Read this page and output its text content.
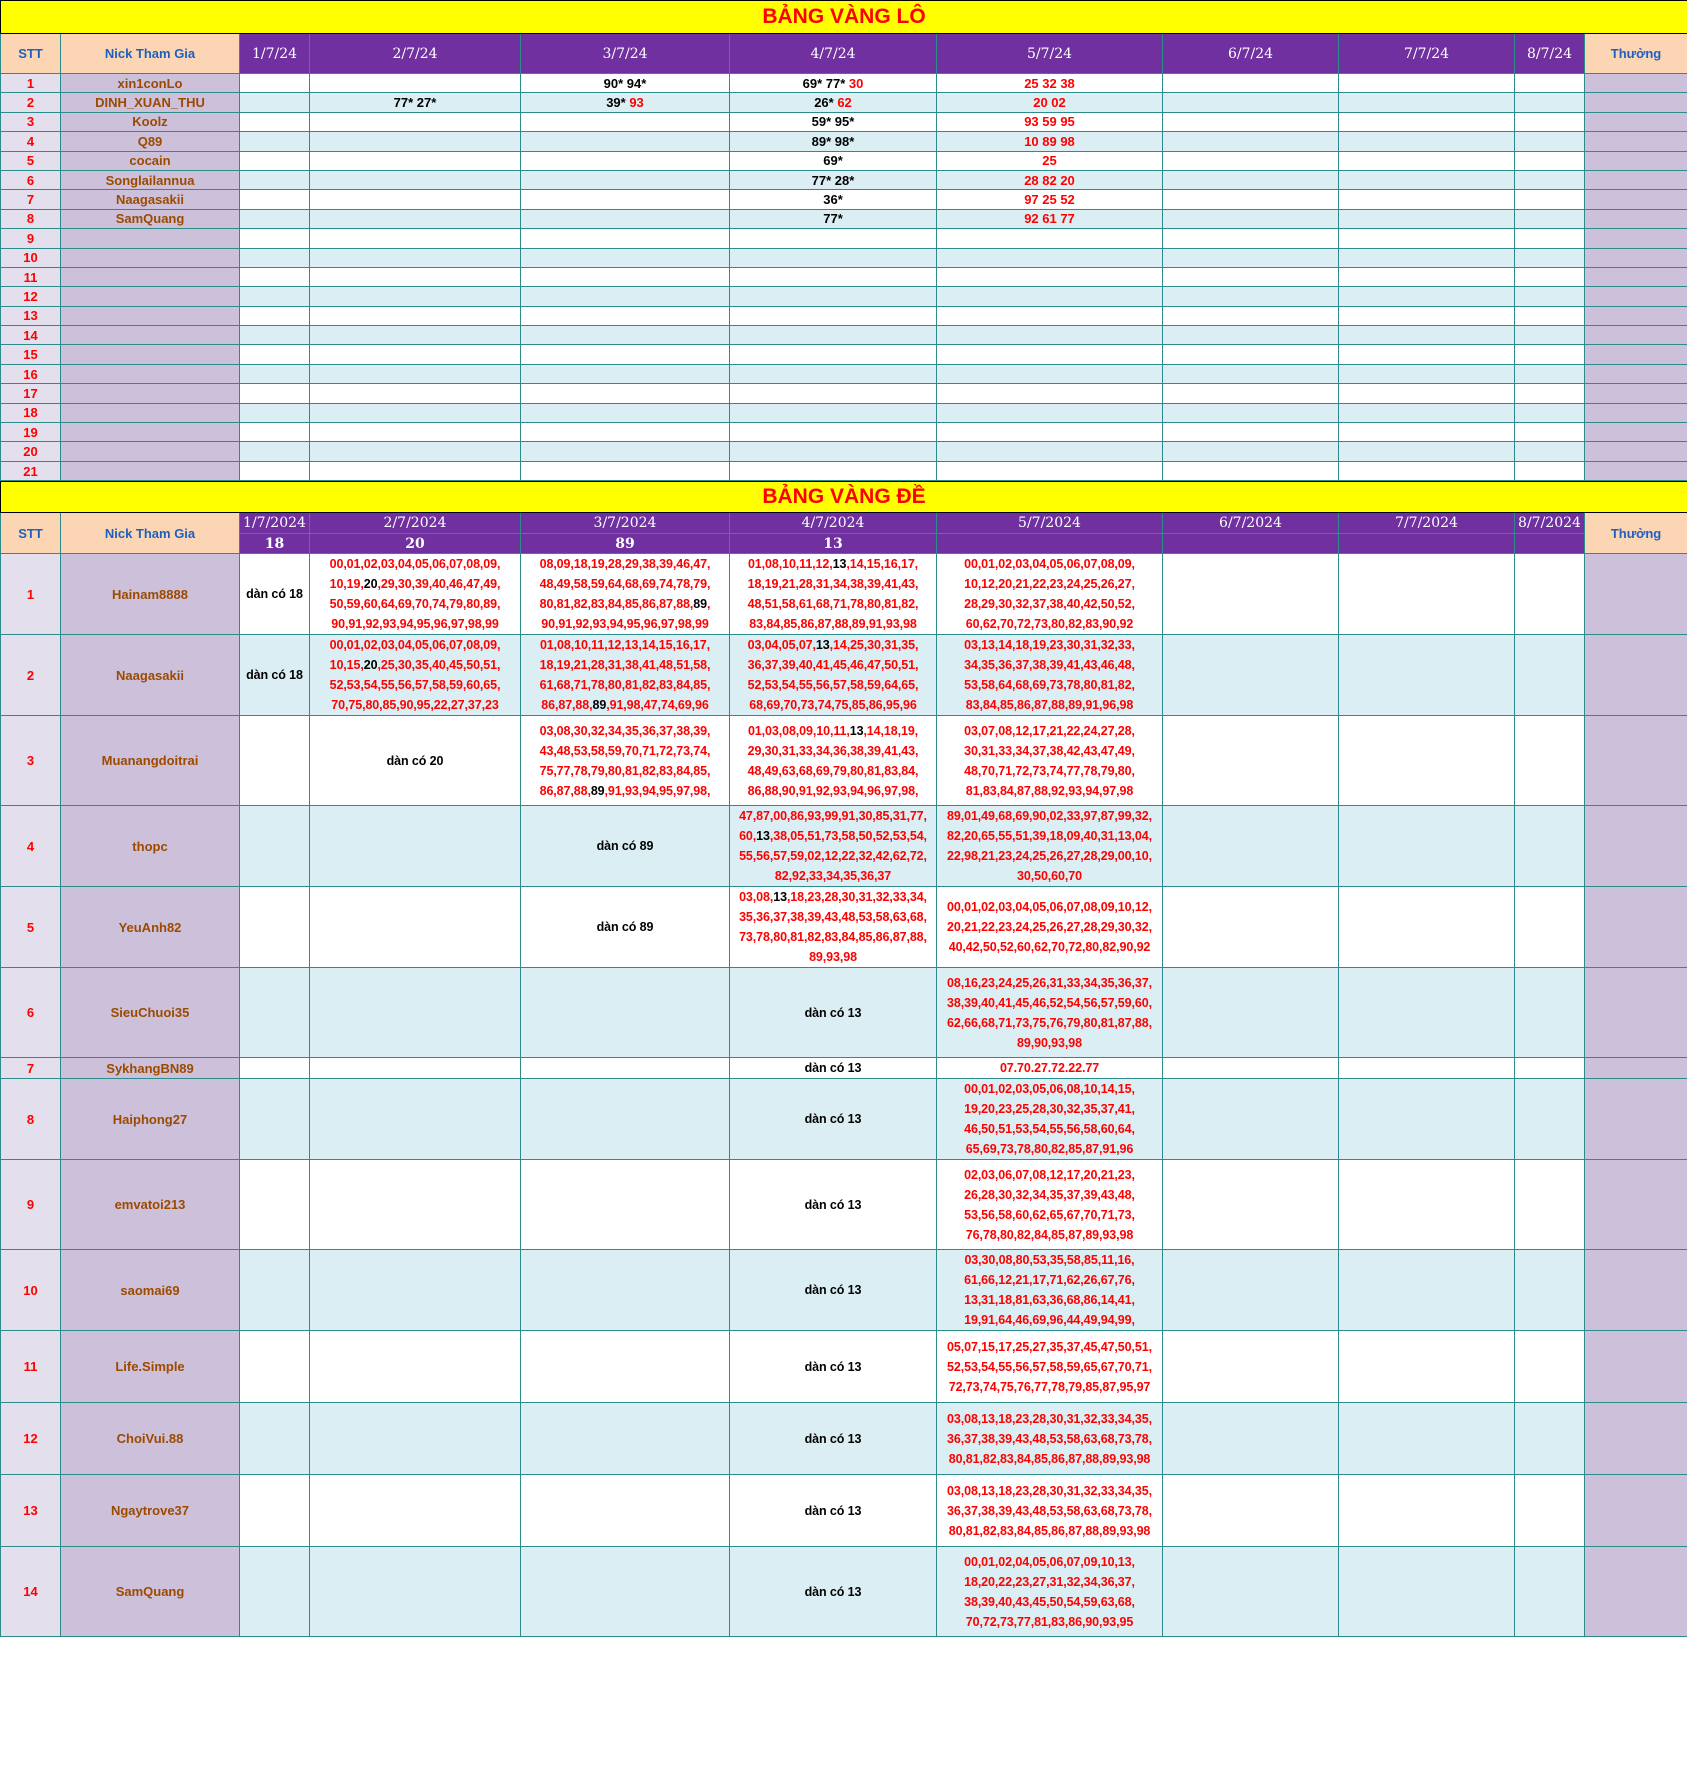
BẢNG VÀNG LÔ										
STT	Nick Tham Gia	1/7/24	2/7/24	3/7/24	4/7/24	5/7/24	6/7/24	7/7/24	8/7/24	Thưởng
1	xin1conLo			90* 94*	69* 77* 30	25 32 38				
2	DINH_XUAN_THU		77* 27*	39* 93	26* 62	20 02				
3	Koolz				59* 95*	93 59 95				
4	Q89				89* 98*	10 89 98				
5	cocain				69*	25				
6	Songlailannua				77* 28*	28 82 20				
7	Naagasakii				36*	97 25 52				
8	SamQuang				77*	92 61 77				
9										
10										
11										
12										
13										
14										
15										
16										
17										
18										
19										
20										
21										
BẢNG VÀNG ĐỀ										
STT	Nick Tham Gia	1/7/2024	2/7/2024	3/7/2024	4/7/2024	5/7/2024	6/7/2024	7/7/2024	8/7/2024	Thưởng
		18	20	89	13					
1	Hainam8888	dàn có 18	00,01,02,03,04,05,06,07,08,09, 10,19,20,29,30,39,40,46,47,49, 50,59,60,64,69,70,74,79,80,89, 90,91,92,93,94,95,96,97,98,99	08,09,18,19,28,29,38,39,46,47, 48,49,58,59,64,68,69,74,78,79, 80,81,82,83,84,85,86,87,88,89, 90,91,92,93,94,95,96,97,98,99	01,08,10,11,12,13,14,15,16,17, 18,19,21,28,31,34,38,39,41,43, 48,51,58,61,68,71,78,80,81,82, 83,84,85,86,87,88,89,91,93,98	00,01,02,03,04,05,06,07,08,09, 10,12,20,21,22,23,24,25,26,27, 28,29,30,32,37,38,40,42,50,52, 60,62,70,72,73,80,82,83,90,92				
2	Naagasakii	dàn có 18	00,01,02,03,04,05,06,07,08,09, 10,15,20,25,30,35,40,45,50,51, 52,53,54,55,56,57,58,59,60,65, 70,75,80,85,90,95,22,27,37,23	01,08,10,11,12,13,14,15,16,17, 18,19,21,28,31,38,41,48,51,58, 61,68,71,78,80,81,82,83,84,85, 86,87,88,89,91,98,47,74,69,96	03,04,05,07,13,14,25,30,31,35, 36,37,39,40,41,45,46,47,50,51, 52,53,54,55,56,57,58,59,64,65, 68,69,70,73,74,75,85,86,95,96	03,13,14,18,19,23,30,31,32,33, 34,35,36,37,38,39,41,43,46,48, 53,58,64,68,69,73,78,80,81,82, 83,84,85,86,87,88,89,91,96,98				
3	Muanangdoitrai		dàn có 20	03,08,30,32,34,35,36,37,38,39, 43,48,53,58,59,70,71,72,73,74, 75,77,78,79,80,81,82,83,84,85, 86,87,88,89,91,93,94,95,97,98,	01,03,08,09,10,11,13,14,18,19, 29,30,31,33,34,36,38,39,41,43, 48,49,63,68,69,79,80,81,83,84, 86,88,90,91,92,93,94,96,97,98,	03,07,08,12,17,21,22,24,27,28, 30,31,33,34,37,38,42,43,47,49, 48,70,71,72,73,74,77,78,79,80, 81,83,84,87,88,92,93,94,97,98				
4	thopc			dàn có 89	47,87,00,86,93,99,91,30,85,31,77, 60,13,38,05,51,73,58,50,52,53,54, 55,56,57,59,02,12,22,32,42,62,72, 82,92,33,34,35,36,37	89,01,49,68,69,90,02,33,97,87,99,32, 82,20,65,55,51,39,18,09,40,31,13,04, 22,98,21,23,24,25,26,27,28,29,00,10, 30,50,60,70				
5	YeuAnh82			dàn có 89	03,08,13,18,23,28,30,31,32,33,34, 35,36,37,38,39,43,48,53,58,63,68, 73,78,80,81,82,83,84,85,86,87,88, 89,93,98	00,01,02,03,04,05,06,07,08,09,10,12, 20,21,22,23,24,25,26,27,28,29,30,32, 40,42,50,52,60,62,70,72,80,82,90,92				
6	SieuChuoi35				dàn có 13	08,16,23,24,25,26,31,33,34,35,36,37, 38,39,40,41,45,46,52,54,56,57,59,60, 62,66,68,71,73,75,76,79,80,81,87,88, 89,90,93,98				
7	SykhangBN89				dàn có 13	07.70.27.72.22.77				
8	Haiphong27				dàn có 13	00,01,02,03,05,06,08,10,14,15, 19,20,23,25,28,30,32,35,37,41, 46,50,51,53,54,55,56,58,60,64, 65,69,73,78,80,82,85,87,91,96				
9	emvatoi213				dàn có 13	02,03,06,07,08,12,17,20,21,23, 26,28,30,32,34,35,37,39,43,48, 53,56,58,60,62,65,67,70,71,73, 76,78,80,82,84,85,87,89,93,98				
10	saomai69				dàn có 13	03,30,08,80,53,35,58,85,11,16, 61,66,12,21,17,71,62,26,67,76, 13,31,18,81,63,36,68,86,14,41, 19,91,64,46,69,96,44,49,94,99,				
11	Life.Simple				dàn có 13	05,07,15,17,25,27,35,37,45,47,50,51, 52,53,54,55,56,57,58,59,65,67,70,71, 72,73,74,75,76,77,78,79,85,87,95,97				
12	ChoiVui.88				dàn có 13	03,08,13,18,23,28,30,31,32,33,34,35, 36,37,38,39,43,48,53,58,63,68,73,78, 80,81,82,83,84,85,86,87,88,89,93,98				
13	Ngaytrove37				dàn có 13	03,08,13,18,23,28,30,31,32,33,34,35, 36,37,38,39,43,48,53,58,63,68,73,78, 80,81,82,83,84,85,86,87,88,89,93,98				
14	SamQuang				dàn có 13	00,01,02,04,05,06,07,09,10,13, 18,20,22,23,27,31,32,34,36,37, 38,39,40,43,45,50,54,59,63,68, 70,72,73,77,81,83,86,90,93,95				
